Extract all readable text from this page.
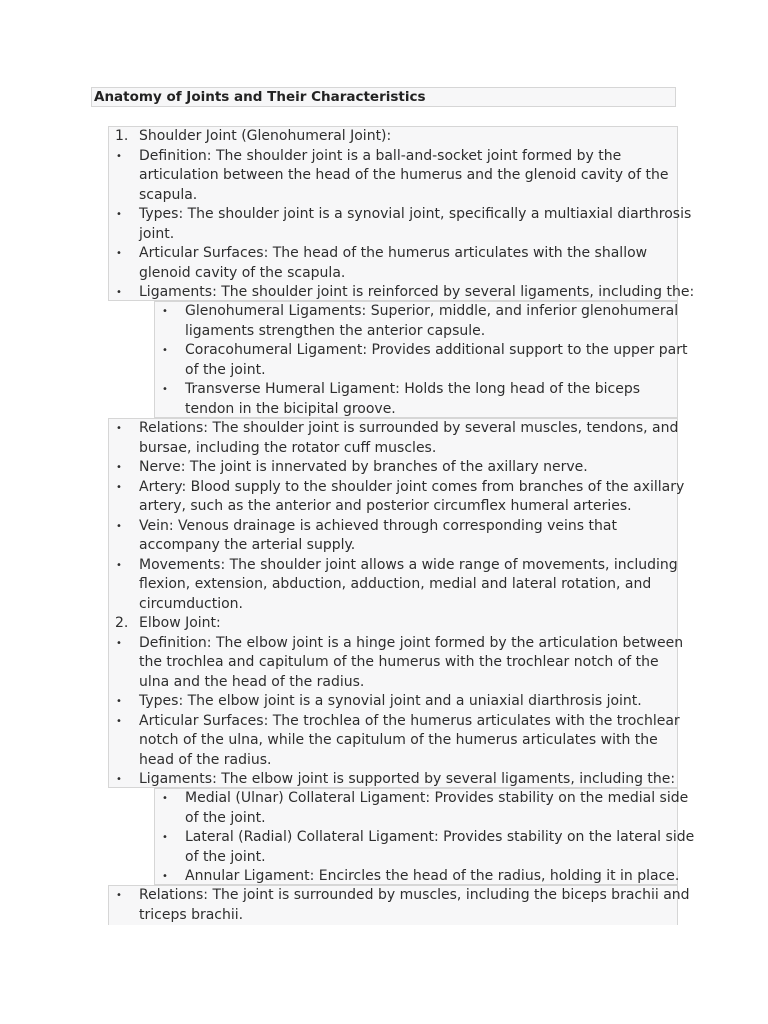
Anatomy of Joints and Their Characteristics
1. Shoulder Joint (Glenohumeral Joint):
• Definition: The shoulder joint is a ball-and-socket joint formed by the
articulation between the head of the humerus and the glenoid cavity of the
scapula.
• Types: The shoulder joint is a synovial joint, specifically a multiaxial diarthrosis
joint.
• Articular Surfaces: The head of the humerus articulates with the shallow
glenoid cavity of the scapula.
• Ligaments: The shoulder joint is reinforced by several ligaments, including the:
• Glenohumeral Ligaments: Superior, middle, and inferior glenohumeral
ligaments strengthen the anterior capsule.
• Coracohumeral Ligament: Provides additional support to the upper part
of the joint.
• Transverse Humeral Ligament: Holds the long head of the biceps
tendon in the bicipital groove.
• Relations: The shoulder joint is surrounded by several muscles, tendons, and
bursae, including the rotator cuff muscles.
• Nerve: The joint is innervated by branches of the axillary nerve.
• Artery: Blood supply to the shoulder joint comes from branches of the axillary
artery, such as the anterior and posterior circumflex humeral arteries.
• Vein: Venous drainage is achieved through corresponding veins that
accompany the arterial supply.
• Movements: The shoulder joint allows a wide range of movements, including
flexion, extension, abduction, adduction, medial and lateral rotation, and
circumduction.
2. Elbow Joint:
• Definition: The elbow joint is a hinge joint formed by the articulation between
the trochlea and capitulum of the humerus with the trochlear notch of the
ulna and the head of the radius.
• Types: The elbow joint is a synovial joint and a uniaxial diarthrosis joint.
• Articular Surfaces: The trochlea of the humerus articulates with the trochlear
notch of the ulna, while the capitulum of the humerus articulates with the
head of the radius.
• Ligaments: The elbow joint is supported by several ligaments, including the:
• Medial (Ulnar) Collateral Ligament: Provides stability on the medial side
of the joint.
• Lateral (Radial) Collateral Ligament: Provides stability on the lateral side
of the joint.
• Annular Ligament: Encircles the head of the radius, holding it in place.
• Relations: The joint is surrounded by muscles, including the biceps brachii and
triceps brachii.
